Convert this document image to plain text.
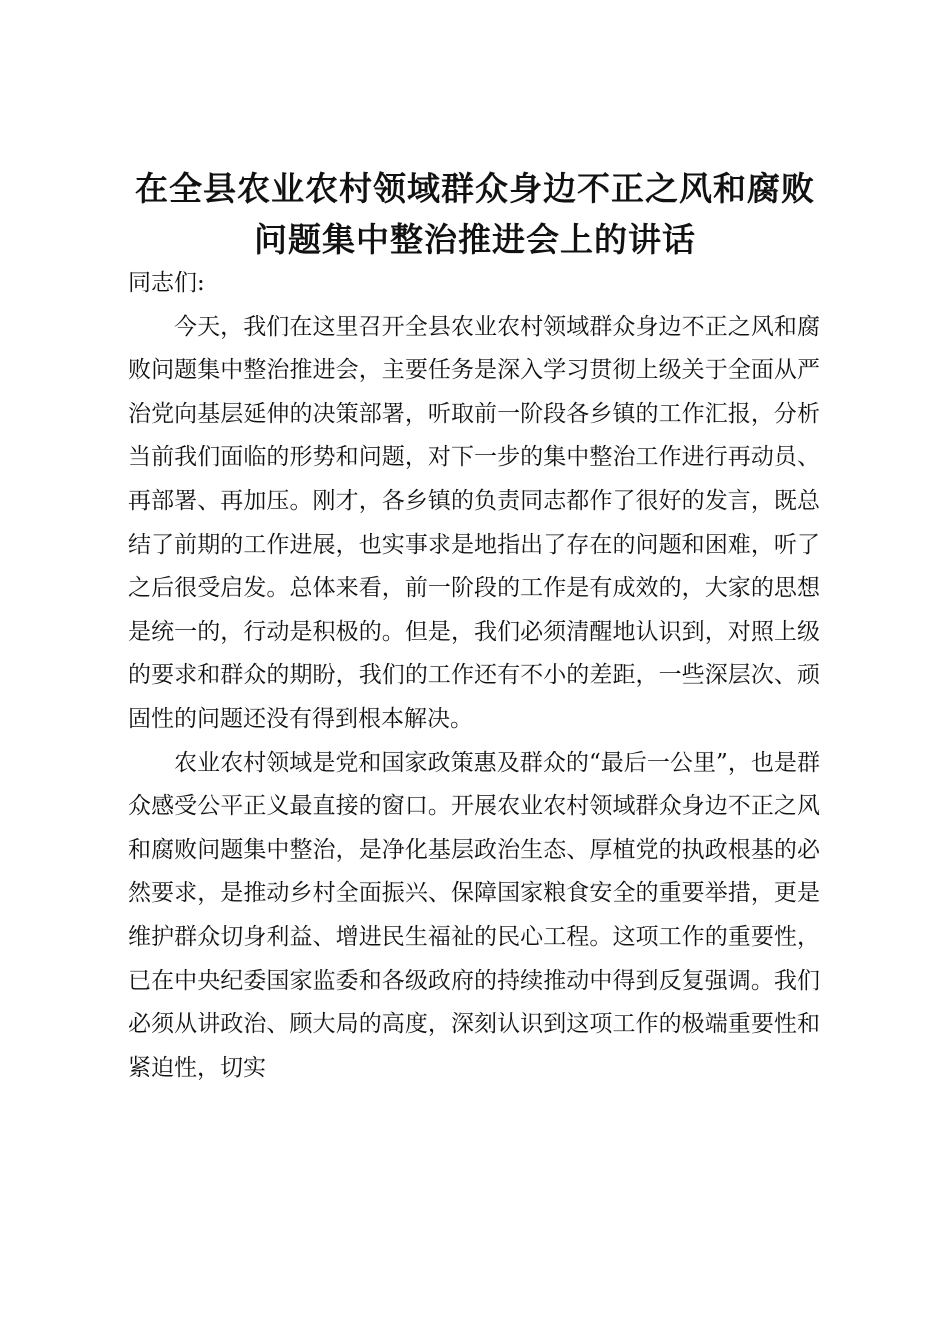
在全县农业农村领域群众身边不正之风和腐败
问题集中整治推进会上的讲话

同志们:

今天，我们在这里召开全县农业农村领域群众身边不正之风和腐败问题集中整治推进会，主要任务是深入学习贯彻上级关于全面从严治党向基层延伸的决策部署，听取前一阶段各乡镇的工作汇报，分析当前我们面临的形势和问题，对下一步的集中整治工作进行再动员、再部署、再加压。刚才，各乡镇的负责同志都作了很好的发言，既总结了前期的工作进展，也实事求是地指出了存在的问题和困难，听了之后很受启发。总体来看，前一阶段的工作是有成效的，大家的思想是统一的，行动是积极的。但是，我们必须清醒地认识到，对照上级的要求和群众的期盼，我们的工作还有不小的差距，一些深层次、顽固性的问题还没有得到根本解决。

农业农村领域是党和国家政策惠及群众的“最后一公里”，也是群众感受公平正义最直接的窗口。开展农业农村领域群众身边不正之风和腐败问题集中整治，是净化基层政治生态、厚植党的执政根基的必然要求，是推动乡村全面振兴、保障国家粮食安全的重要举措，更是维护群众切身利益、增进民生福祉的民心工程。这项工作的重要性，已在中央纪委国家监委和各级政府的持续推动中得到反复强调。我们必须从讲政治、顾大局的高度，深刻认识到这项工作的极端重要性和紧迫性，切实
